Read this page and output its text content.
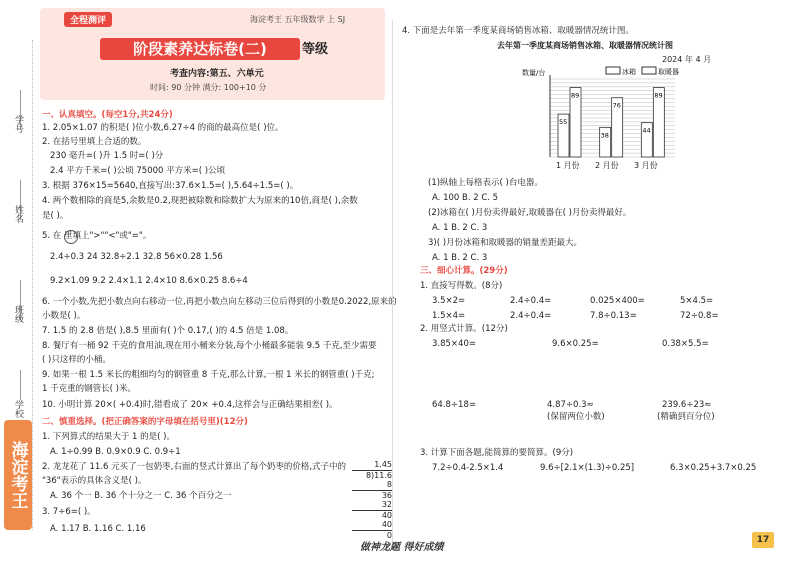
学号
姓名
班级
学校
海淀考王
全程测评	海淀考王 五年级数学 上 SJ
阶段素养达标卷(二)	等级
考查内容:第五、六单元
时间: 90 分钟 满分: 100+10 分
一、认真填空。(每空1分,共24分)
1. 2.05×1.07 的积是( )位小数,6.27÷4 的商的最高位是( )位。
2. 在括号里填上合适的数。
230 毫升=( )升 1.5 时=( )分
2.4 平方千米=( )公顷 75000 平方米=( )公顷
3. 根据 376×15=5640,直接写出:37.6×1.5=( ),5.64÷1.5=( )。
4. 两个数相除的商是5,余数是0.2,现把被除数和除数扩大为原来的10倍,商是( ),余数
是( )。
5. 在 里填上">""<"或"="。
2.4÷0.3 24 32.8÷2.1 32.8 56×0.28 1.56
9.2×1.09 9.2 2.4×1.1 2.4×10 8.6×0.25 8.6÷4
6. 一个小数,先把小数点向右移动一位,再把小数点向左移动三位后得到的小数是0.2022,原来的
小数是( )。
7. 1.5 的 2.8 倍是( ),8.5 里面有( )个 0.17,( )的 4.5 倍是 1.08。
8. 餐厅有一桶 92 千克的食用油,现在用小桶来分装,每个小桶最多能装 9.5 千克,至少需要
( )只这样的小桶。
9. 如果一根 1.5 米长的粗细均匀的钢管重 8 千克,那么计算,一根 1 米长的钢管重( )千克;
1 千克重的钢管长( )米。
10. 小明计算 20×( +0.4)时,错看成了 20× +0.4,这样会与正确结果相差( )。
二、慎重选择。(把正确答案的字母填在括号里)(12分)
1. 下列算式的结果大于 1 的是( )。
A. 1÷0.99 B. 0.9×0.9 C. 0.9÷1
2. 龙龙花了 11.6 元买了一包奶枣,右面的竖式计算出了每个奶枣的价格,式子中的
"36"表示的具体含义是( )。
A. 36 个一 B. 36 个十分之一 C. 36 个百分之一
3. 7÷6=( )。
A. 1.17 B. 1.16 C. 1.16
1.45
8)11.6
8
36
32
40
40
0
4. 下面是去年第一季度某商场销售冰箱、取暖器情况统计图。
去年第一季度某商场销售冰箱、取暖器情况统计图
2024 年 4 月
数量/台	冰箱	取暖器
55
89
38
76
44
89
1 月份 2 月份 3 月份
(1)纵轴上每格表示( )台电器。
A. 100 B. 2 C. 5
(2)冰箱在( )月份卖得最好,取暖器在( )月份卖得最好。
A. 1 B. 2 C. 3
3)( )月份冰箱和取暖器的销量差距最大。
A. 1 B. 2 C. 3
三、细心计算。(29分)
1. 直接写得数。(8分)
3.5×2=	2.4÷0.4=	0.025×400=	5×4.5=
1.5×4=	2.4÷0.4=	7.8÷0.13=	72÷0.8=
2. 用竖式计算。(12分)
3.85×40=	9.6×0.25=	0.38×5.5=
64.8÷18=	4.87÷0.3≈	239.6÷23≈
(保留两位小数)	(精确到百分位)
3. 计算下面各题,能简算的要简算。(9分)
7.2÷0.4-2.5×1.4	9.6÷[2.1×(1.3)÷0.25]	6.3×0.25+3.7×0.25
做神龙题 得好成绩
17
